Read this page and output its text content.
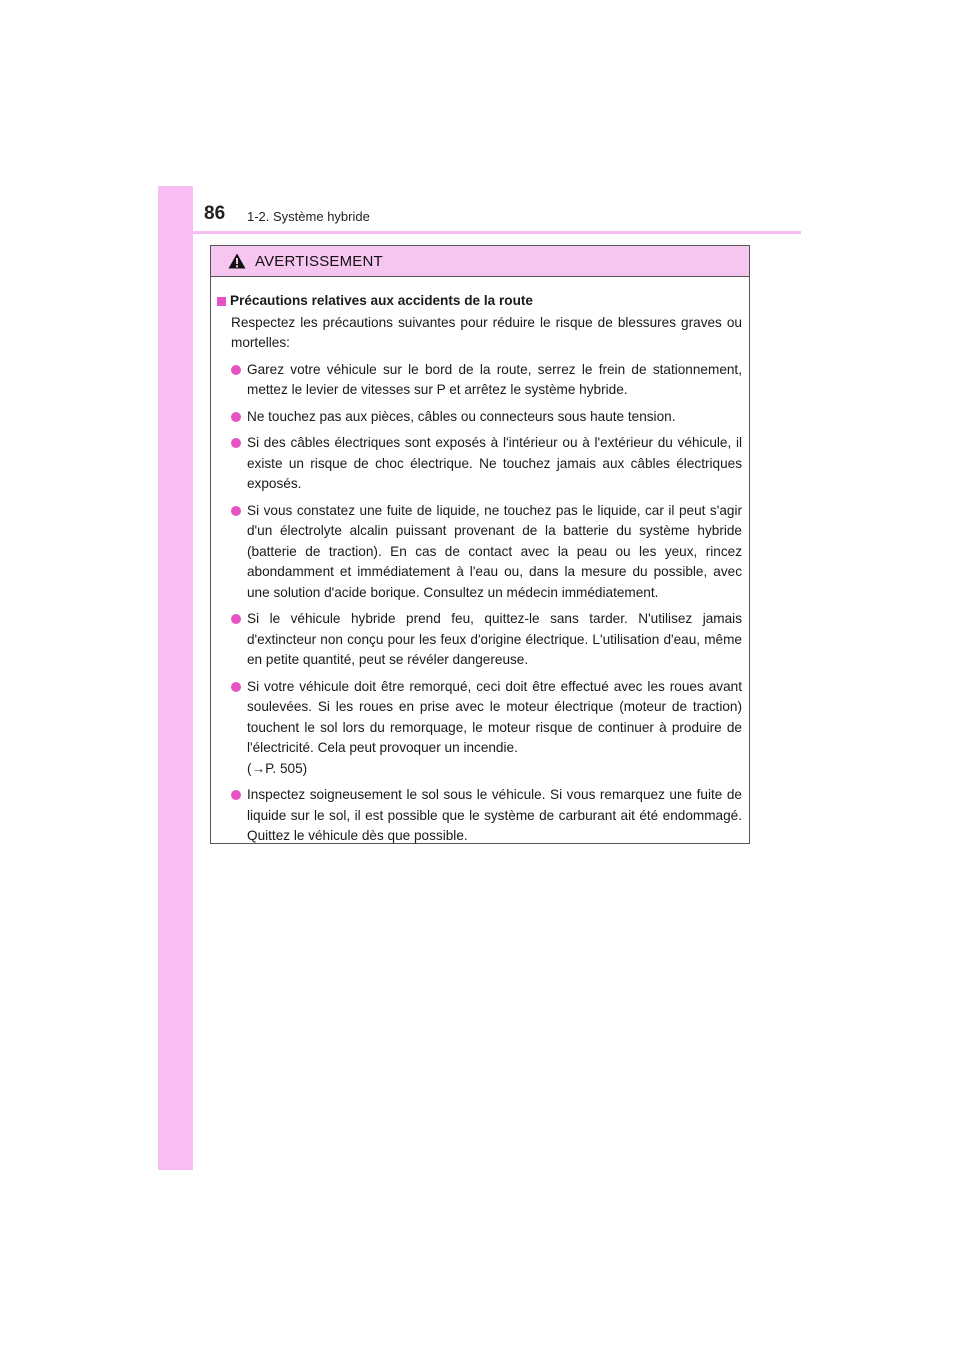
86 1-2. Système hybride
AVERTISSEMENT
Précautions relatives aux accidents de la route
Respectez les précautions suivantes pour réduire le risque de blessures graves ou mortelles:
Garez votre véhicule sur le bord de la route, serrez le frein de stationnement, mettez le levier de vitesses sur P et arrêtez le système hybride.
Ne touchez pas aux pièces, câbles ou connecteurs sous haute tension.
Si des câbles électriques sont exposés à l'intérieur ou à l'extérieur du véhicule, il existe un risque de choc électrique. Ne touchez jamais aux câbles électriques exposés.
Si vous constatez une fuite de liquide, ne touchez pas le liquide, car il peut s'agir d'un électrolyte alcalin puissant provenant de la batterie du système hybride (batterie de traction). En cas de contact avec la peau ou les yeux, rincez abondamment et immédiatement à l'eau ou, dans la mesure du possible, avec une solution d'acide borique. Consultez un médecin immédiatement.
Si le véhicule hybride prend feu, quittez-le sans tarder. N'utilisez jamais d'extincteur non conçu pour les feux d'origine électrique. L'utilisation d'eau, même en petite quantité, peut se révéler dangereuse.
Si votre véhicule doit être remorqué, ceci doit être effectué avec les roues avant soulevées. Si les roues en prise avec le moteur électrique (moteur de traction) touchent le sol lors du remorquage, le moteur risque de continuer à produire de l'électricité. Cela peut provoquer un incendie.
(→P. 505)
Inspectez soigneusement le sol sous le véhicule. Si vous remarquez une fuite de liquide sur le sol, il est possible que le système de carburant ait été endommagé. Quittez le véhicule dès que possible.
